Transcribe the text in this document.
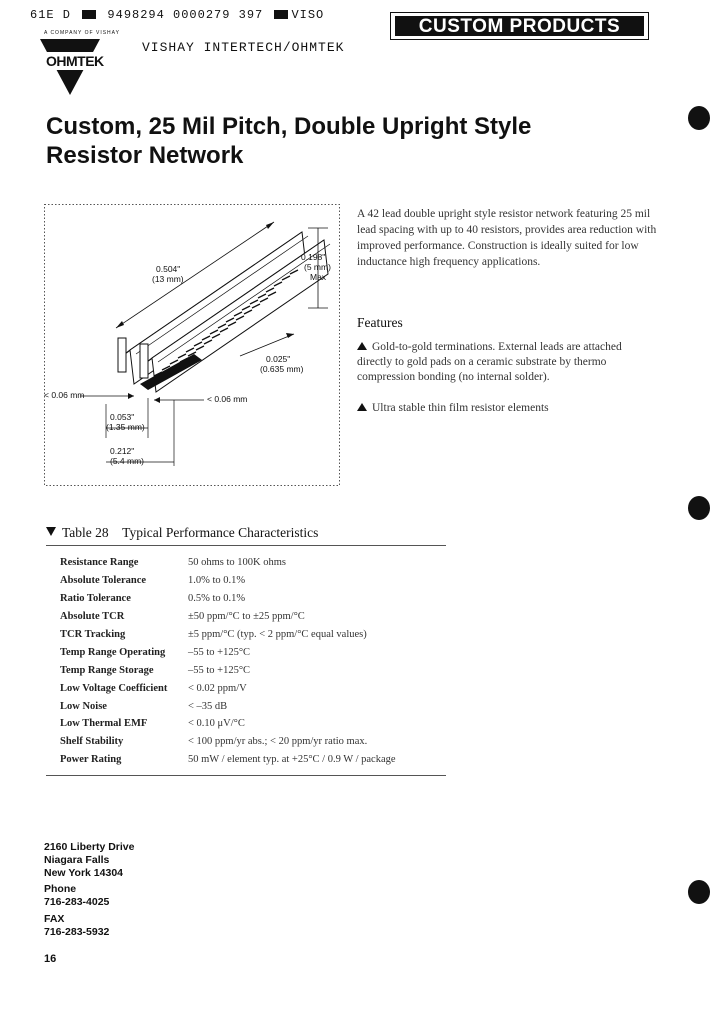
61E D	9498294 0000279 397 VISO
CUSTOM PRODUCTS
A COMPANY OF VISHAY
OHMTEK
VISHAY INTERTECH/OHMTEK
Custom, 25 Mil Pitch, Double Upright Style
Resistor Network
0.504"
(13 mm)
0.198"
(5 mm)
Max
0.025"
(0.635 mm)
< 0.06 mm	< 0.06 mm
0.053"
(1.35 mm)
0.212"
(5.4 mm)
A 42 lead double upright style resistor network featuring 25 mil lead spacing with up to 40 resistors, provides area reduction with improved performance. Construction is ideally suited for low inductance high frequency applications.
Features
Gold-to-gold terminations. External leads are attached directly to gold pads on a ceramic substrate by thermo compression bonding (no internal solder).
Ultra stable thin film resistor elements
Table 28 Typical Performance Characteristics
Resistance Range	50 ohms to 100K ohms
Absolute Tolerance	1.0% to 0.1%
Ratio Tolerance	0.5% to 0.1%
Absolute TCR	±50 ppm/°C to ±25 ppm/°C
TCR Tracking	±5 ppm/°C (typ. < 2 ppm/°C equal values)
Temp Range Operating	–55 to +125°C
Temp Range Storage	–55 to +125°C
Low Voltage Coefficient	< 0.02 ppm/V
Low Noise	< –35 dB
Low Thermal EMF	< 0.10 μV/°C
Shelf Stability	< 100 ppm/yr abs.; < 20 ppm/yr ratio max.
Power Rating	50 mW / element typ. at +25°C / 0.9 W / package
2160 Liberty Drive
Niagara Falls
New York 14304
Phone
716-283-4025
FAX
716-283-5932
16
